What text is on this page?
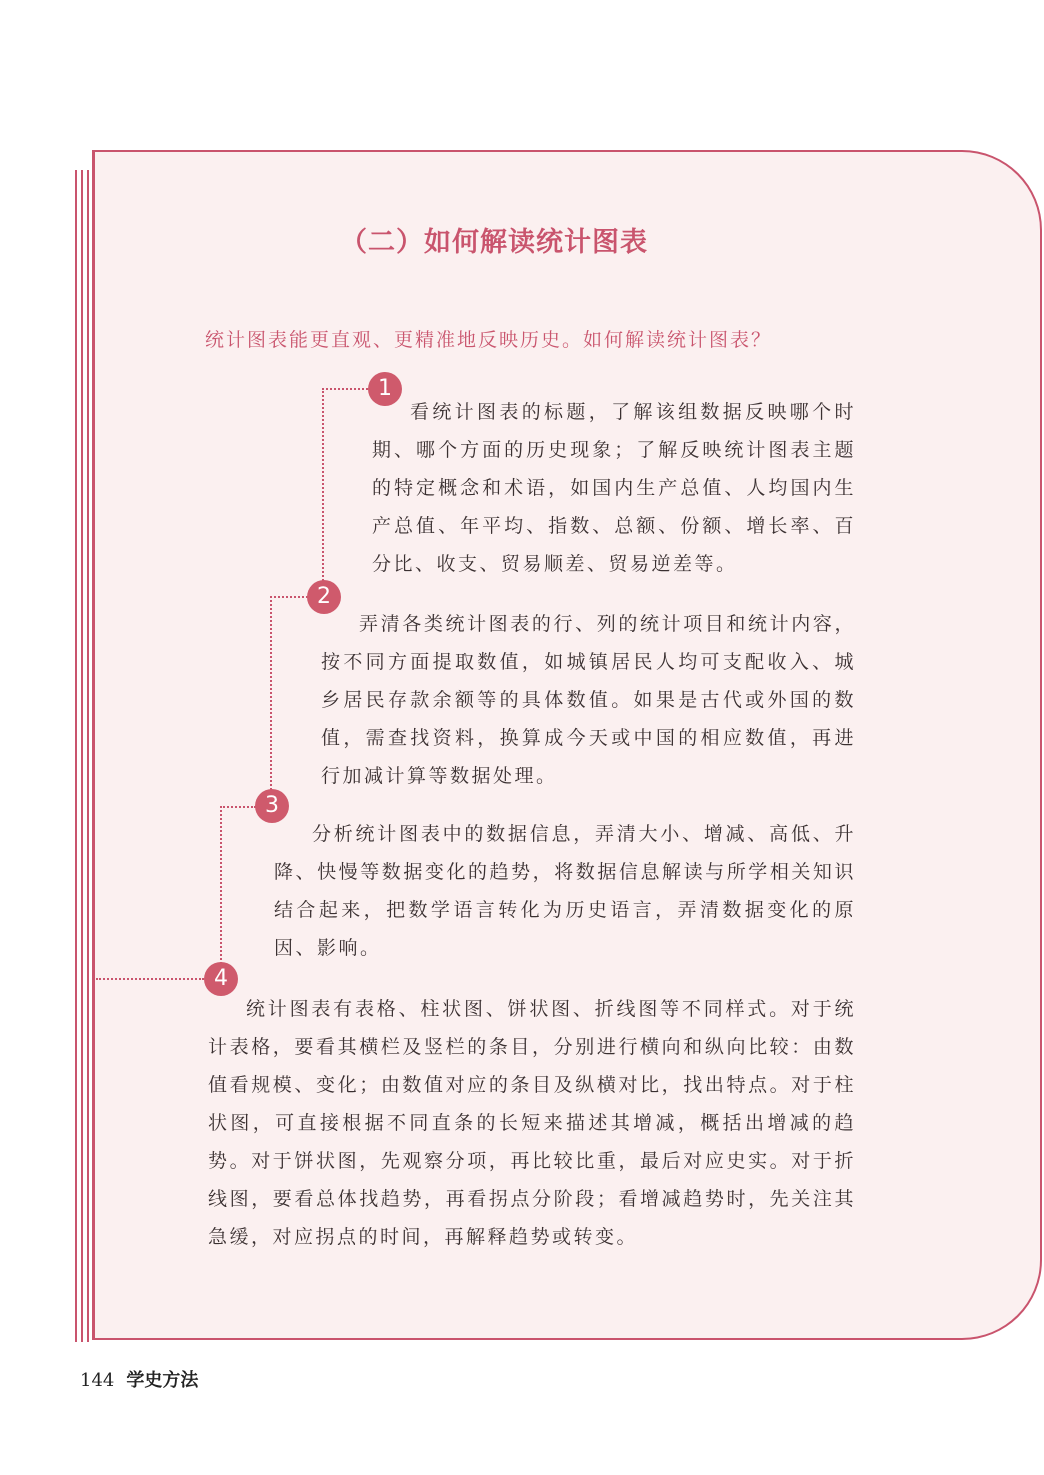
（二）如何解读统计图表

统计图表能更直观、更精准地反映历史。如何解读统计图表？

1
2
3
4

看统计图表的标题，了解该组数据反映哪个时期、哪个方面的历史现象；了解反映统计图表主题的特定概念和术语，如国内生产总值、人均国内生产总值、年平均、指数、总额、份额、增长率、百分比、收支、贸易顺差、贸易逆差等。

弄清各类统计图表的行、列的统计项目和统计内容，按不同方面提取数值，如城镇居民人均可支配收入、城乡居民存款余额等的具体数值。如果是古代或外国的数值，需查找资料，换算成今天或中国的相应数值，再进行加减计算等数据处理。

分析统计图表中的数据信息，弄清大小、增减、高低、升降、快慢等数据变化的趋势，将数据信息解读与所学相关知识结合起来，把数学语言转化为历史语言，弄清数据变化的原因、影响。

统计图表有表格、柱状图、饼状图、折线图等不同样式。对于统计表格，要看其横栏及竖栏的条目，分别进行横向和纵向比较：由数值看规模、变化；由数值对应的条目及纵横对比，找出特点。对于柱状图，可直接根据不同直条的长短来描述其增减，概括出增减的趋势。对于饼状图，先观察分项，再比较比重，最后对应史实。对于折线图，要看总体找趋势，再看拐点分阶段；看增减趋势时，先关注其急缓，对应拐点的时间，再解释趋势或转变。

144 学史方法
